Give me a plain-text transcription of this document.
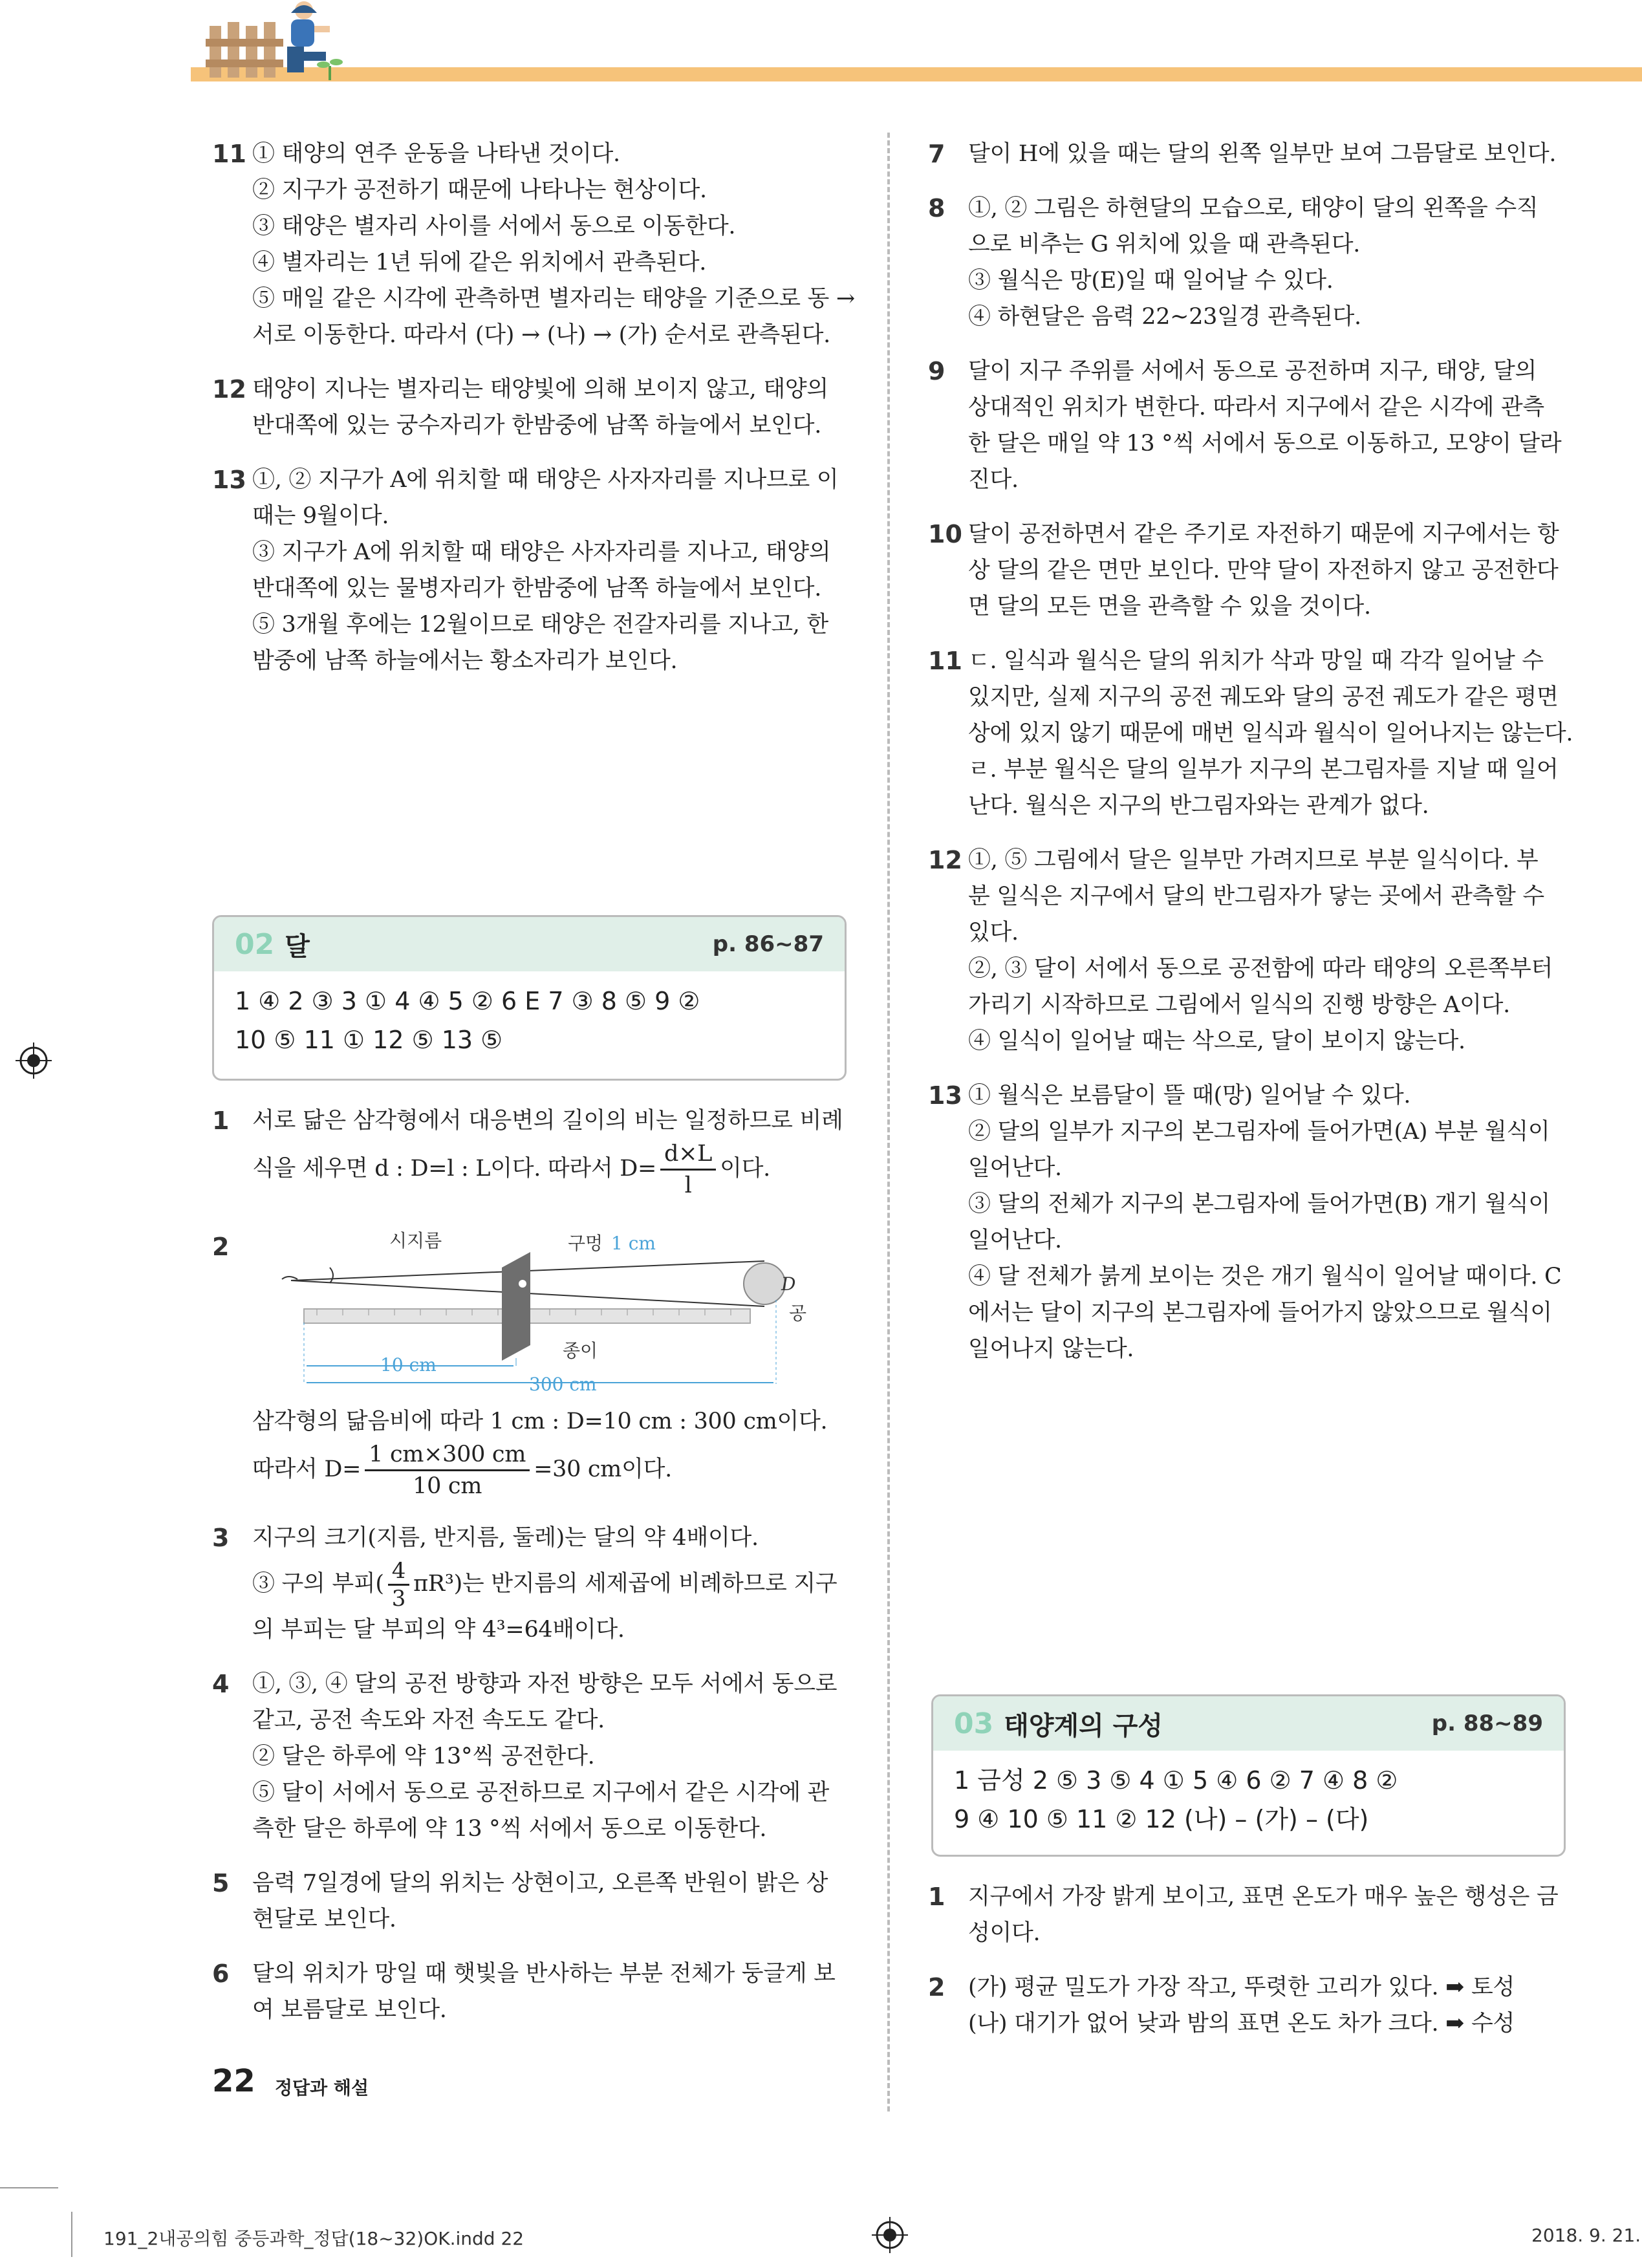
11 ① 태양의 연주 운동을 나타낸 것이다.
② 지구가 공전하기 때문에 나타나는 현상이다.
③ 태양은 별자리 사이를 서에서 동으로 이동한다.
④ 별자리는 1년 뒤에 같은 위치에서 관측된다.
⑤ 매일 같은 시각에 관측하면 별자리는 태양을 기준으로 동 →
서로 이동한다. 따라서 (다) → (나) → (가) 순서로 관측된다.
12 태양이 지나는 별자리는 태양빛에 의해 보이지 않고, 태양의
반대쪽에 있는 궁수자리가 한밤중에 남쪽 하늘에서 보인다.
13 ①, ② 지구가 A에 위치할 때 태양은 사자자리를 지나므로 이
때는 9월이다.
③ 지구가 A에 위치할 때 태양은 사자자리를 지나고, 태양의
반대쪽에 있는 물병자리가 한밤중에 남쪽 하늘에서 보인다.
⑤ 3개월 후에는 12월이므로 태양은 전갈자리를 지나고, 한
밤중에 남쪽 하늘에서는 황소자리가 보인다.
02 달	p. 86~87
1 ④ 2 ③ 3 ① 4 ④ 5 ② 6 E 7 ③ 8 ⑤ 9 ②
10 ⑤ 11 ① 12 ⑤ 13 ⑤
1 서로 닮은 삼각형에서 대응변의 길이의 비는 일정하므로 비례
식을 세우면 d : D=l : L이다. 따라서 $D= \frac{d\times L}{l}$ 이다.
2	시지름	구멍 1 cm
D
공
종이
10 cm
300 cm
삼각형의 닮음비에 따라 1 cm : D=10 cm : 300 cm이다.
따라서 $D= \frac{1 cm\times 300 cm}{10 cm} =30$ cm이다.
3 지구의 크기(지름, 반지름, 둘레)는 달의 약 4배이다.
③ 구의 부피( $\frac{4}{3} \pi R^3$)는 반지름의 세제곱에 비례하므로 지구
의 부피는 달 부피의 약 4³=64배이다.
4 ①, ③, ④ 달의 공전 방향과 자전 방향은 모두 서에서 동으로
같고, 공전 속도와 자전 속도도 같다.
② 달은 하루에 약 13°씩 공전한다.
⑤ 달이 서에서 동으로 공전하므로 지구에서 같은 시각에 관
측한 달은 하루에 약 13 °씩 서에서 동으로 이동한다.
5 음력 7일경에 달의 위치는 상현이고, 오른쪽 반원이 밝은 상
현달로 보인다.
6 달의 위치가 망일 때 햇빛을 반사하는 부분 전체가 둥글게 보
여 보름달로 보인다.
7 달이 H에 있을 때는 달의 왼쪽 일부만 보여 그믐달로 보인다.
8 ①, ② 그림은 하현달의 모습으로, 태양이 달의 왼쪽을 수직
으로 비추는 G 위치에 있을 때 관측된다.
③ 월식은 망(E)일 때 일어날 수 있다.
④ 하현달은 음력 22~23일경 관측된다.
9 달이 지구 주위를 서에서 동으로 공전하며 지구, 태양, 달의
상대적인 위치가 변한다. 따라서 지구에서 같은 시각에 관측
한 달은 매일 약 13 °씩 서에서 동으로 이동하고, 모양이 달라
진다.
10 달이 공전하면서 같은 주기로 자전하기 때문에 지구에서는 항
상 달의 같은 면만 보인다. 만약 달이 자전하지 않고 공전한다
면 달의 모든 면을 관측할 수 있을 것이다.
11 ㄷ. 일식과 월식은 달의 위치가 삭과 망일 때 각각 일어날 수
있지만, 실제 지구의 공전 궤도와 달의 공전 궤도가 같은 평면
상에 있지 않기 때문에 매번 일식과 월식이 일어나지는 않는다.
ㄹ. 부분 월식은 달의 일부가 지구의 본그림자를 지날 때 일어
난다. 월식은 지구의 반그림자와는 관계가 없다.
12 ①, ⑤ 그림에서 달은 일부만 가려지므로 부분 일식이다. 부
분 일식은 지구에서 달의 반그림자가 닿는 곳에서 관측할 수
있다.
②, ③ 달이 서에서 동으로 공전함에 따라 태양의 오른쪽부터
가리기 시작하므로 그림에서 일식의 진행 방향은 A이다.
④ 일식이 일어날 때는 삭으로, 달이 보이지 않는다.
13 ① 월식은 보름달이 뜰 때(망) 일어날 수 있다.
② 달의 일부가 지구의 본그림자에 들어가면(A) 부분 월식이
일어난다.
③ 달의 전체가 지구의 본그림자에 들어가면(B) 개기 월식이
일어난다.
④ 달 전체가 붉게 보이는 것은 개기 월식이 일어날 때이다. C
에서는 달이 지구의 본그림자에 들어가지 않았으므로 월식이
일어나지 않는다.
03 태양계의 구성	p. 88~89
1 금성 2 ⑤ 3 ⑤ 4 ① 5 ④ 6 ② 7 ④ 8 ②
9 ④ 10 ⑤ 11 ② 12 (나) – (가) – (다)
1 지구에서 가장 밝게 보이고, 표면 온도가 매우 높은 행성은 금
성이다.
2 (가) 평균 밀도가 가장 작고, 뚜렷한 고리가 있다. ➡ 토성
(나) 대기가 없어 낮과 밤의 표면 온도 차가 크다. ➡ 수성
22 정답과 해설
191_2내공의힘 중등과학_정답(18~32)OK.indd 22	2018. 9. 21.
